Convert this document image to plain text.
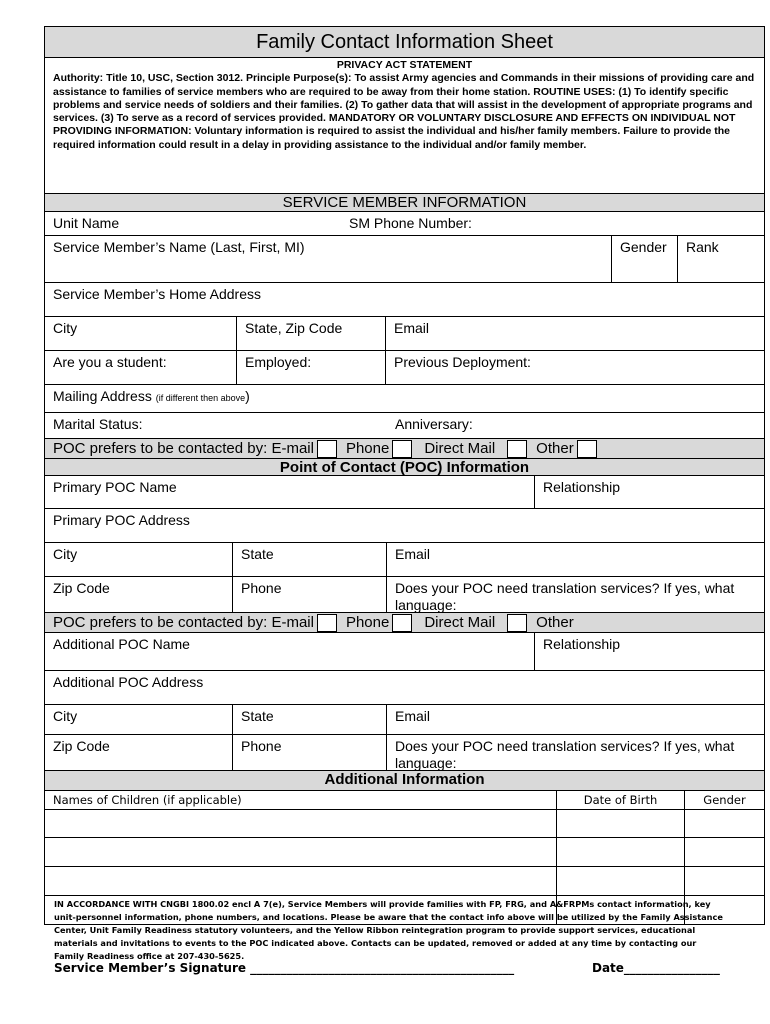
Family Contact Information Sheet
PRIVACY ACT STATEMENT
Authority: Title 10, USC, Section 3012. Principle Purpose(s): To assist Army agencies and Commands in their missions of providing care and assistance to families of service members who are required to be away from their home station. ROUTINE USES: (1) To identify specific problems and service needs of soldiers and their families. (2) To gather data that will assist in the development of appropriate programs and services. (3) To serve as a record of services provided. MANDATORY OR VOLUNTARY DISCLOSURE AND EFFECTS ON INDIVIDUAL NOT PROVIDING INFORMATION: Voluntary information is required to assist the individual and his/her family members. Failure to provide the required information could result in a delay in providing assistance to the individual and/or family member.
SERVICE MEMBER INFORMATION
Unit Name	SM Phone Number:
Service Member’s Name (Last, First, MI)	Gender	Rank
Service Member’s Home Address
City	State, Zip Code	Email
Are you a student:	Employed:	Previous Deployment:
Mailing Address (if different then above)
Marital Status:	Anniversary:
POC prefers to be contacted by: E-mail Phone Direct Mail	Other
Point of Contact (POC) Information
Primary POC Name	Relationship
Primary POC Address
City	State	Email
Zip Code	Phone	Does your POC need translation services? If yes, what language:
POC prefers to be contacted by: E-mail Phone Direct Mail	Other
Additional POC Name	Relationship
Additional POC Address
City	State	Email
Zip Code	Phone	Does your POC need translation services? If yes, what language:
Additional Information
Names of Children (if applicable)	Date of Birth	Gender
IN ACCORDANCE WITH CNGBI 1800.02 encl A 7(e), Service Members will provide families with FP, FRG, and A&FRPMs contact information, key unit-personnel information, phone numbers, and locations. Please be aware that the contact info above will be utilized by the Family Assistance Center, Unit Family Readiness statutory volunteers, and the Yellow Ribbon reintegration program to provide support services, educational materials and invitations to events to the POC indicated above. Contacts can be updated, removed or added at any time by contacting our Family Readiness office at 207-430-5625.
Service Member’s Signature ____________________________________________	Date________________
